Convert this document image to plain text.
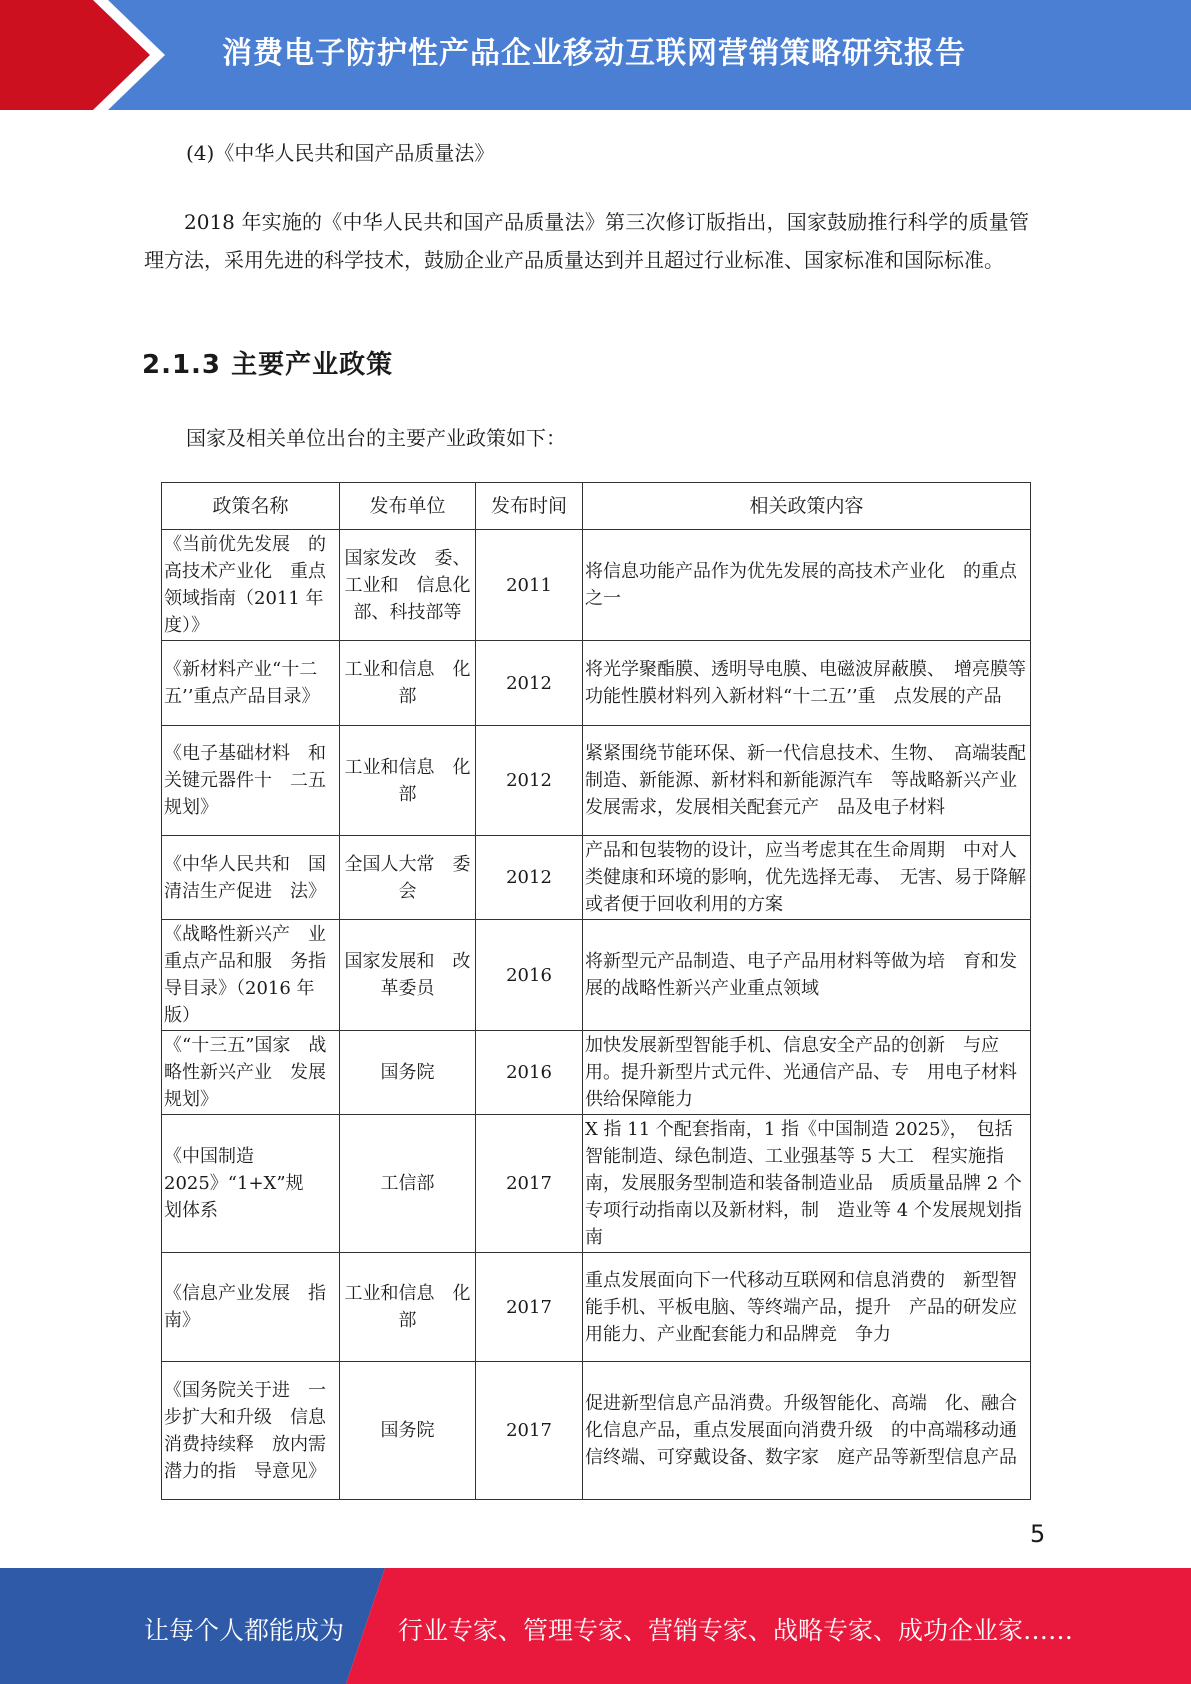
消费电子防护性产品企业移动互联网营销策略研究报告
(4)《中华人民共和国产品质量法》
2018 年实施的《中华人民共和国产品质量法》第三次修订版指出，国家鼓励推行科学的质量管理方法，采用先进的科学技术，鼓励企业产品质量达到并且超过行业标准、国家标准和国际标准。
2.1.3 主要产业政策
国家及相关单位出台的主要产业政策如下：
政策名称	发布单位	发布时间	相关政策内容
《当前优先发展　的高技术产业化　重点领域指南（2011 年度）》	国家发改　委、工业和　信息化部、科技部等	2011	将信息功能产品作为优先发展的高技术产业化　的重点之一
《新材料产业“十二五’’重点产品目录》	工业和信息　化部	2012	将光学聚酯膜、透明导电膜、电磁波屏蔽膜、　增亮膜等功能性膜材料列入新材料“十二五’’重　点发展的产品
《电子基础材料　和关键元器件十　二五规划》	工业和信息　化部	2012	紧紧围绕节能环保、新一代信息技术、生物、　高端装配制造、新能源、新材料和新能源汽车　等战略新兴产业发展需求，发展相关配套元产　品及电子材料
《中华人民共和　国清洁生产促进　法》	全国人大常　委会	2012	产品和包装物的设计，应当考虑其在生命周期　中对人类健康和环境的影响，优先选择无毒、　无害、易于降解或者便于回收利用的方案
《战略性新兴产　业重点产品和服　务指导目录》（2016 年版）	国家发展和　改革委员	2016	将新型元产品制造、电子产品用材料等做为培　育和发展的战略性新兴产业重点领域
《“十三五”国家　战略性新兴产业　发展规划》	国务院	2016	加快发展新型智能手机、信息安全产品的创新　与应用。提升新型片式元件、光通信产品、专　用电子材料供给保障能力
《中国制造 2025》“1+X”规　划体系	工信部	2017	X 指 11 个配套指南，1 指《中国制造 2025》，　包括智能制造、绿色制造、工业强基等 5 大工　程实施指南，发展服务型制造和装备制造业品　质质量品牌 2 个专项行动指南以及新材料，制　造业等 4 个发展规划指南
《信息产业发展　指南》	工业和信息　化部	2017	重点发展面向下一代移动互联网和信息消费的　新型智能手机、平板电脑、等终端产品，提升　产品的研发应用能力、产业配套能力和品牌竞　争力
《国务院关于进　一步扩大和升级　信息消费持续释　放内需潜力的指　导意见》	国务院	2017	促进新型信息产品消费。升级智能化、高端　化、融合化信息产品，重点发展面向消费升级　的中高端移动通信终端、可穿戴设备、数字家　庭产品等新型信息产品
5
让每个人都能成为 行业专家、管理专家、营销专家、战略专家、成功企业家……
